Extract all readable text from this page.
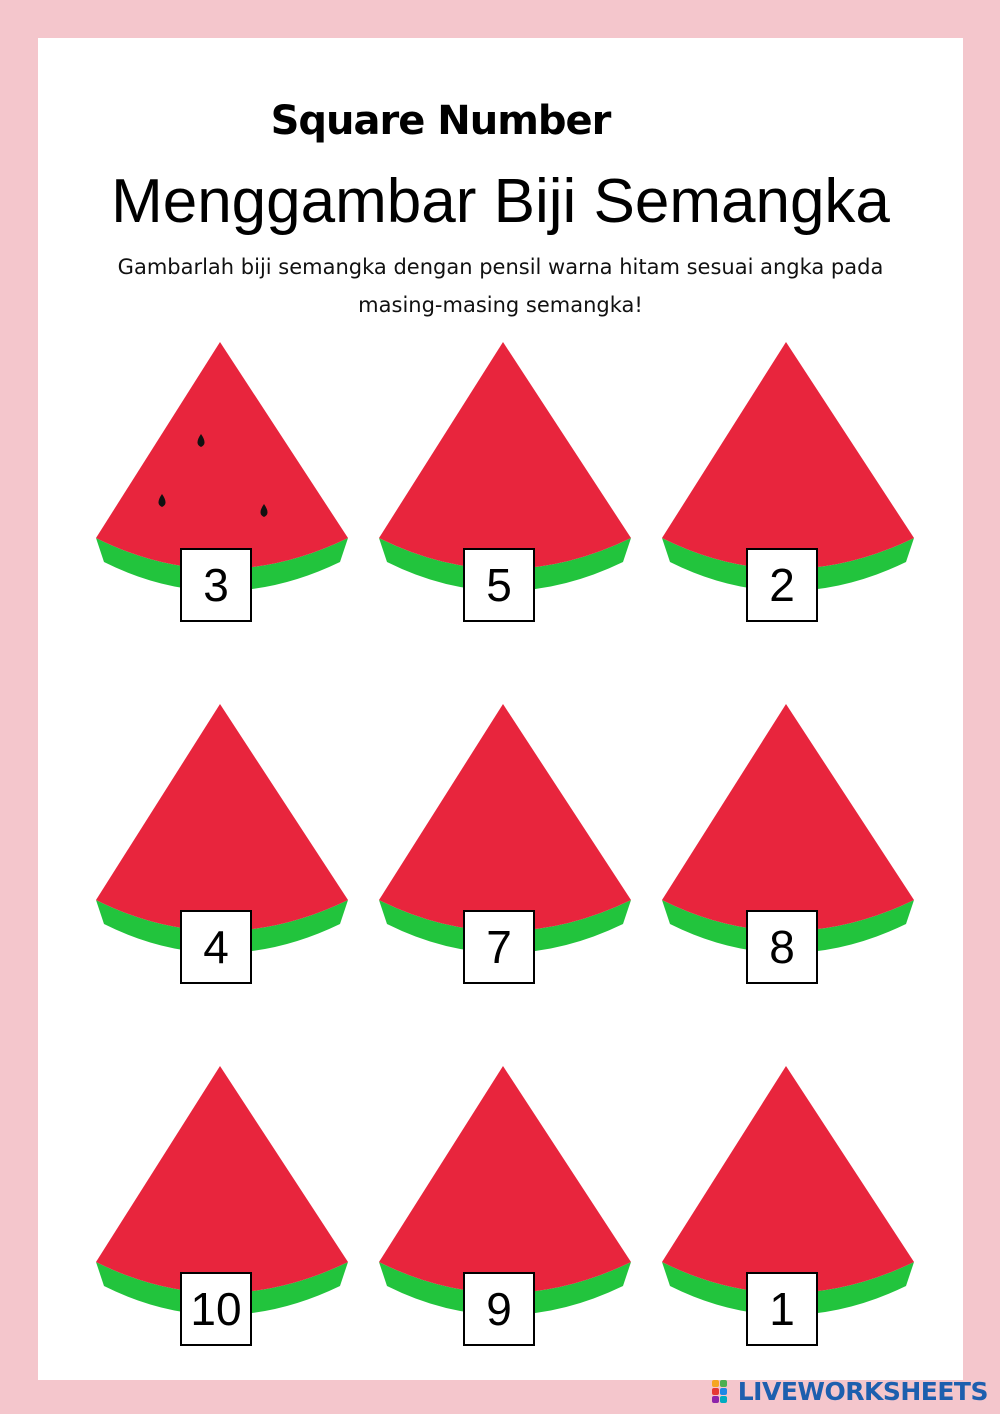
Square Number
Menggambar Biji Semangka
Gambarlah biji semangka dengan pensil warna hitam sesuai angka pada masing-masing semangka!
3	5	2
4	7	8
10	9	1
LIVEWORKSHEETS
